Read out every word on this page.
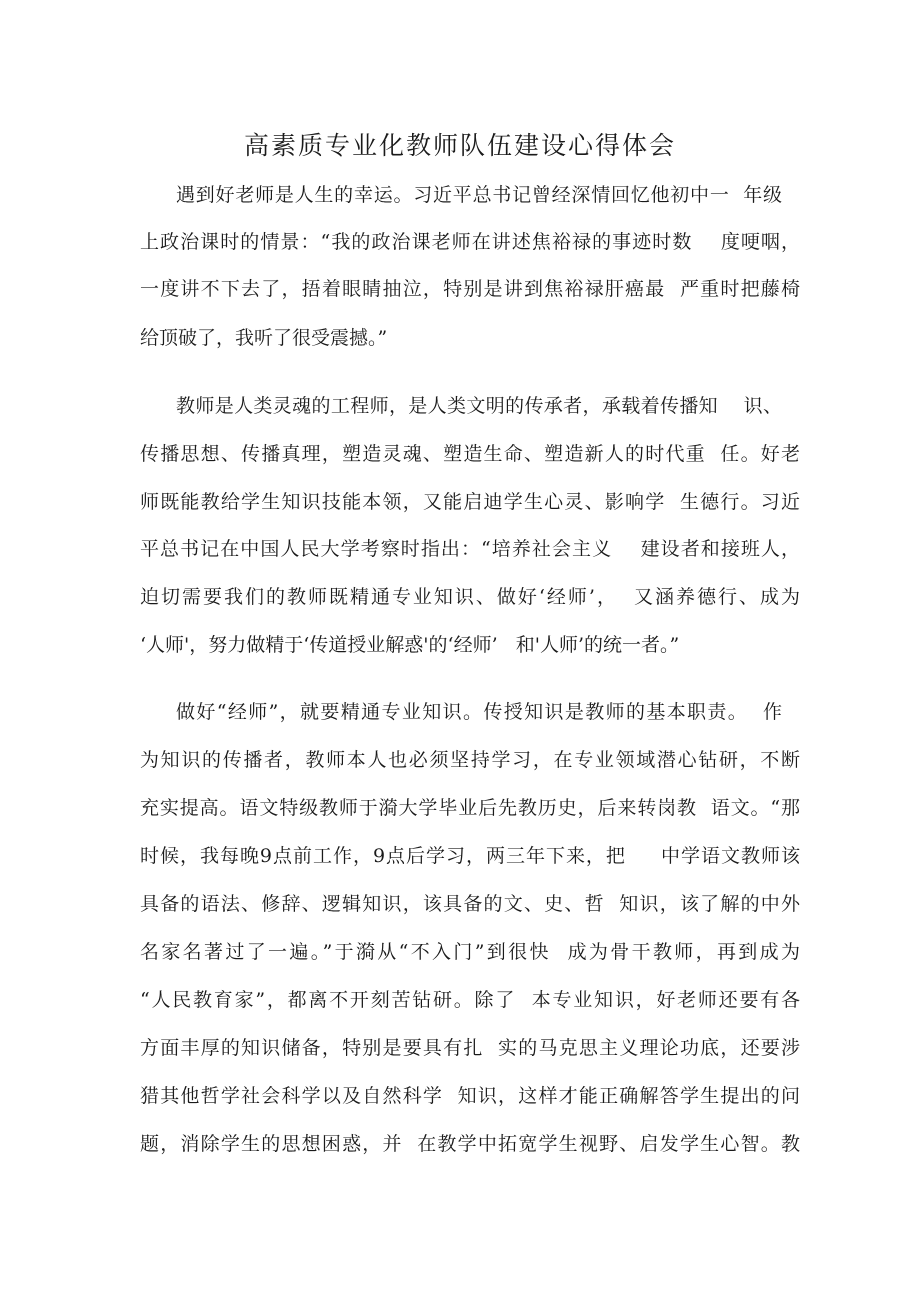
高素质专业化教师队伍建设心得体会
遇到好老师是人生的幸运。习近平总书记曾经深情回忆他初中一  年级
上政治课时的情景：“我的政治课老师在讲述焦裕禄的事迹时数    度哽咽，
一度讲不下去了，捂着眼睛抽泣，特别是讲到焦裕禄肝癌最  严重时把藤椅
给顶破了，我听了很受震撼。”
教师是人类灵魂的工程师，是人类文明的传承者，承载着传播知    识、
传播思想、传播真理，塑造灵魂、塑造生命、塑造新人的时代重  任。好老
师既能教给学生知识技能本领，又能启迪学生心灵、影响学  生德行。习近
平总书记在中国人民大学考察时指出：“培养社会主义    建设者和接班人，
迫切需要我们的教师既精通专业知识、做好‘经师’，  又涵养德行、成为
‘人师'，努力做精于‘传道授业解惑'的‘经师’   和'人师’的统一者。”
做好“经师”，就要精通专业知识。传授知识是教师的基本职责。  作
为知识的传播者，教师本人也必须坚持学习，在专业领域潜心钻研，不断
充实提高。语文特级教师于漪大学毕业后先教历史，后来转岗教  语文。“那
时候，我每晚9点前工作，9点后学习，两三年下来，把     中学语文教师该
具备的语法、修辞、逻辑知识，该具备的文、史、哲  知识，该了解的中外
名家名著过了一遍。”于漪从“不入门”到很快  成为骨干教师，再到成为
“人民教育家”，都离不开刻苦钻研。除了  本专业知识，好老师还要有各
方面丰厚的知识储备，特别是要具有扎  实的马克思主义理论功底，还要涉
猎其他哲学社会科学以及自然科学  知识，这样才能正确解答学生提出的问
题，消除学生的思想困惑，并  在教学中拓宽学生视野、启发学生心智。教
